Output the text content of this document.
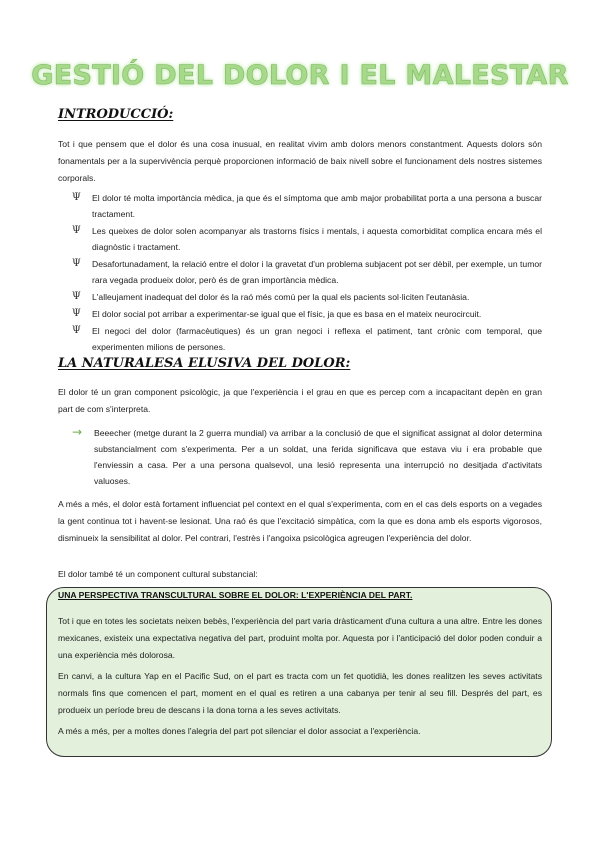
GESTIÓ DEL DOLOR I EL MALESTAR
INTRODUCCIÓ:
Tot i que pensem que el dolor és una cosa inusual, en realitat vivim amb dolors menors constantment. Aquests dolors són fonamentals per a la supervivència perquè proporcionen informació de baix nivell sobre el funcionament dels nostres sistemes corporals.
Ψ El dolor té molta importància mèdica, ja que és el símptoma que amb major probabilitat porta a una persona a buscar tractament.
Ψ Les queixes de dolor solen acompanyar als trastorns físics i mentals, i aquesta comorbiditat complica encara més el diagnòstic i tractament.
Ψ Desafortunadament, la relació entre el dolor i la gravetat d'un problema subjacent pot ser dèbil, per exemple, un tumor rara vegada produeix dolor, però és de gran importància mèdica.
Ψ L'alleujament inadequat del dolor és la raó més comú per la qual els pacients sol·liciten l'eutanàsia.
Ψ El dolor social pot arribar a experimentar-se igual que el físic, ja que es basa en el mateix neurocircuit.
Ψ El negoci del dolor (farmacèutiques) és un gran negoci i reflexa el patiment, tant crònic com temporal, que experimenten milions de persones.
LA NATURALESA ELUSIVA DEL DOLOR:
El dolor té un gran component psicològic, ja que l'experiència i el grau en que es percep com a incapacitant depèn en gran part de com s'interpreta.
→ Beeecher (metge durant la 2 guerra mundial) va arribar a la conclusió de que el significat assignat al dolor determina substancialment com s'experimenta. Per a un soldat, una ferida significava que estava viu i era probable que l'enviessin a casa. Per a una persona qualsevol, una lesió representa una interrupció no desitjada d'activitats valuoses.
A més a més, el dolor està fortament influenciat pel context en el qual s'experimenta, com en el cas dels esports on a vegades la gent continua tot i havent-se lesionat. Una raó és que l'excitació simpàtica, com la que es dona amb els esports vigorosos, disminueix la sensibilitat al dolor. Pel contrari, l'estrès i l'angoixa psicològica agreugen l'experiència del dolor.
El dolor també té un component cultural substancial:
UNA PERSPECTIVA TRANSCULTURAL SOBRE EL DOLOR: L'EXPERIÈNCIA DEL PART.
Tot i que en totes les societats neixen bebès, l'experiència del part varia dràsticament d'una cultura a una altre. Entre les dones mexicanes, existeix una expectativa negativa del part, produint molta por. Aquesta por i l'anticipació del dolor poden conduir a una experiència més dolorosa.
En canvi, a la cultura Yap en el Pacific Sud, on el part es tracta com un fet quotidià, les dones realitzen les seves activitats normals fins que comencen el part, moment en el qual es retiren a una cabanya per tenir al seu fill. Després del part, es produeix un període breu de descans i la dona torna a les seves activitats.
A més a més, per a moltes dones l'alegria del part pot silenciar el dolor associat a l'experiència.
